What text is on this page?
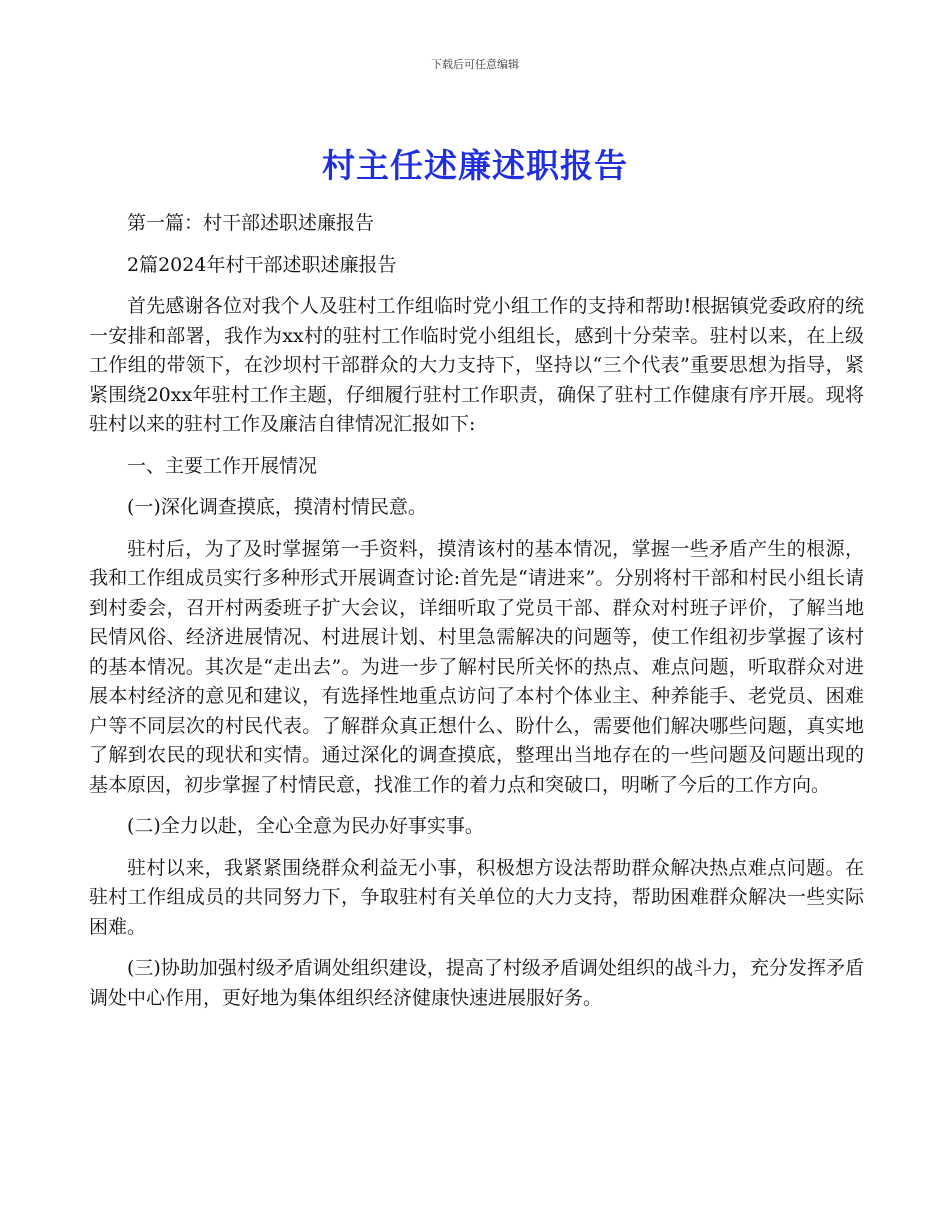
下载后可任意编辑
村主任述廉述职报告

第一篇：村干部述职述廉报告

2篇2024年村干部述职述廉报告

首先感谢各位对我个人及驻村工作组临时党小组工作的支持和帮助!根据镇党委政府的统一安排和部署，我作为xx村的驻村工作临时党小组组长，感到十分荣幸。驻村以来，在上级工作组的带领下，在沙坝村干部群众的大力支持下，坚持以“三个代表”重要思想为指导，紧紧围绕20xx年驻村工作主题，仔细履行驻村工作职责，确保了驻村工作健康有序开展。现将驻村以来的驻村工作及廉洁自律情况汇报如下:

一、主要工作开展情况

(一)深化调查摸底，摸清村情民意。

驻村后，为了及时掌握第一手资料，摸清该村的基本情况，掌握一些矛盾产生的根源，我和工作组成员实行多种形式开展调查讨论:首先是“请进来”。分别将村干部和村民小组长请到村委会，召开村两委班子扩大会议，详细听取了党员干部、群众对村班子评价，了解当地民情风俗、经济进展情况、村进展计划、村里急需解决的问题等，使工作组初步掌握了该村的基本情况。其次是“走出去”。为进一步了解村民所关怀的热点、难点问题，听取群众对进展本村经济的意见和建议，有选择性地重点访问了本村个体业主、种养能手、老党员、困难户等不同层次的村民代表。了解群众真正想什么、盼什么，需要他们解决哪些问题，真实地了解到农民的现状和实情。通过深化的调查摸底，整理出当地存在的一些问题及问题出现的基本原因，初步掌握了村情民意，找准工作的着力点和突破口，明晰了今后的工作方向。

(二)全力以赴，全心全意为民办好事实事。

驻村以来，我紧紧围绕群众利益无小事，积极想方设法帮助群众解决热点难点问题。在驻村工作组成员的共同努力下，争取驻村有关单位的大力支持，帮助困难群众解决一些实际困难。

(三)协助加强村级矛盾调处组织建设，提高了村级矛盾调处组织的战斗力，充分发挥矛盾调处中心作用，更好地为集体组织经济健康快速进展服好务。
